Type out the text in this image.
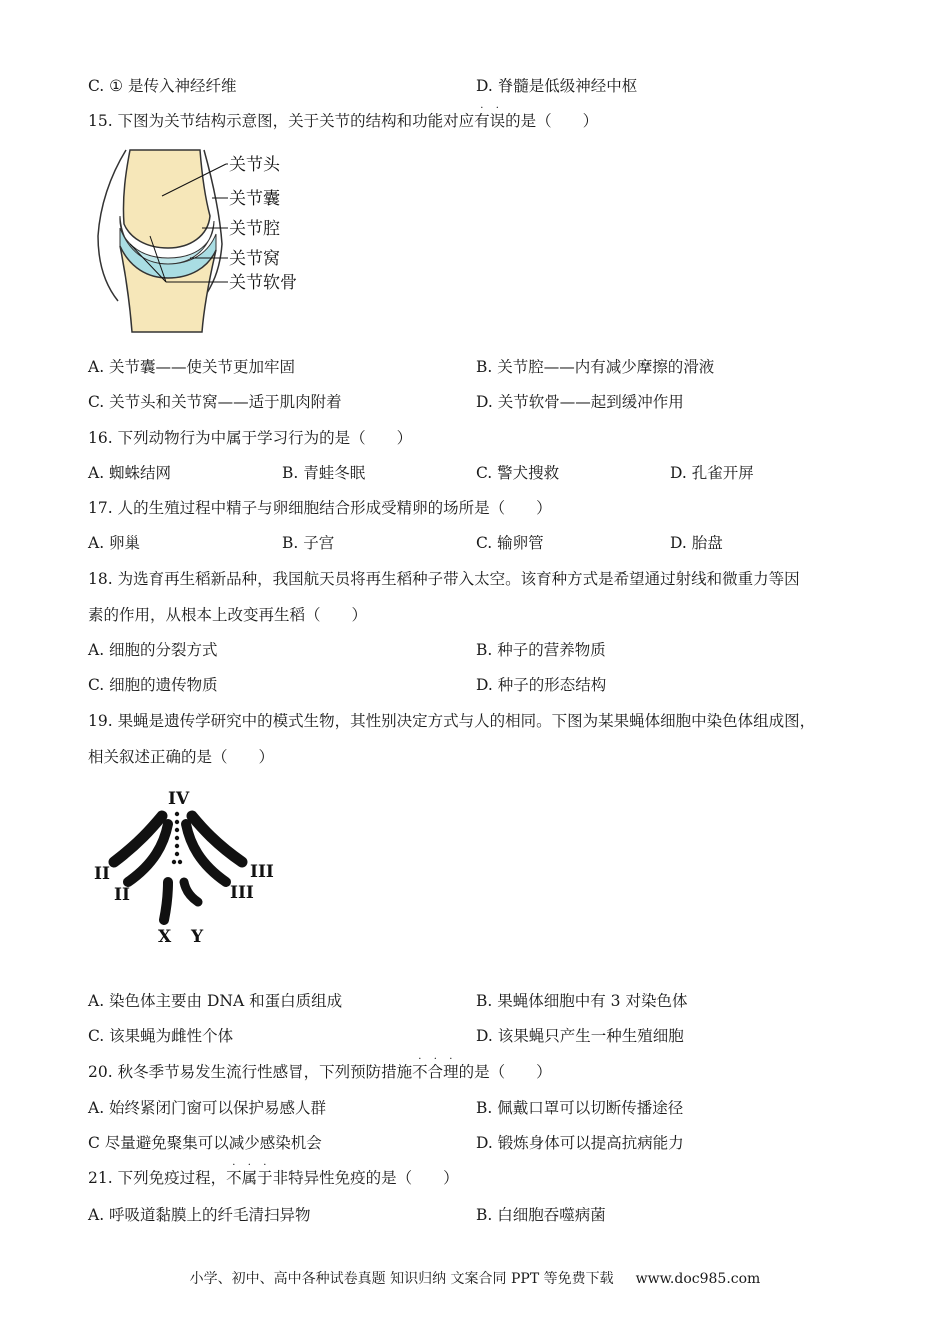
C. ① 是传入神经纤维	D. 脊髓是低级神经中枢
15. 下图为关节结构示意图，关于关节的结构和功能对应
·
有
·
误的是（　　）
关节头
关节囊
关节腔
关节窝
关节软骨
A. 关节囊——使关节更加牢固	B. 关节腔——内有减少摩擦的滑液
C. 关节头和关节窝——适于肌肉附着	D. 关节软骨——起到缓冲作用
16. 下列动物行为中属于学习行为的是（　　）
A. 蜘蛛结网	B. 青蛙冬眠	C. 警犬搜救	D. 孔雀开屏
17. 人的生殖过程中精子与卵细胞结合形成受精卵的场所是（　　）
A. 卵巢	B. 子宫	C. 输卵管	D. 胎盘
18. 为选育再生稻新品种，我国航天员将再生稻种子带入太空。该育种方式是希望通过射线和微重力等因
素的作用，从根本上改变再生稻（　　）
A. 细胞的分裂方式	B. 种子的营养物质
C. 细胞的遗传物质	D. 种子的形态结构
19. 果蝇是遗传学研究中的模式生物，其性别决定方式与人的相同。下图为某果蝇体细胞中染色体组成图，
相关叙述正确的是（　　）
IV
II
II
III
III
X Y
A. 染色体主要由 DNA 和蛋白质组成	B. 果蝇体细胞中有 3 对染色体
C. 该果蝇为雌性个体	D. 该果蝇只产生一种生殖细胞
20. 秋冬季节易发生流行性感冒，下列预防措施
·
不
·
合
·
理的是（　　）
A. 始终紧闭门窗可以保护易感人群	B. 佩戴口罩可以切断传播途径
C 尽量避免聚集可以减少感染机会	D. 锻炼身体可以提高抗病能力
21. 下列免疫过程，
·
不
·
属
·
于非特异性免疫的是（　　）
A. 呼吸道黏膜上的纤毛清扫异物	B. 白细胞吞噬病菌
小学、初中、高中各种试卷真题 知识归纳 文案合同 PPT 等免费下载 www.doc985.com
